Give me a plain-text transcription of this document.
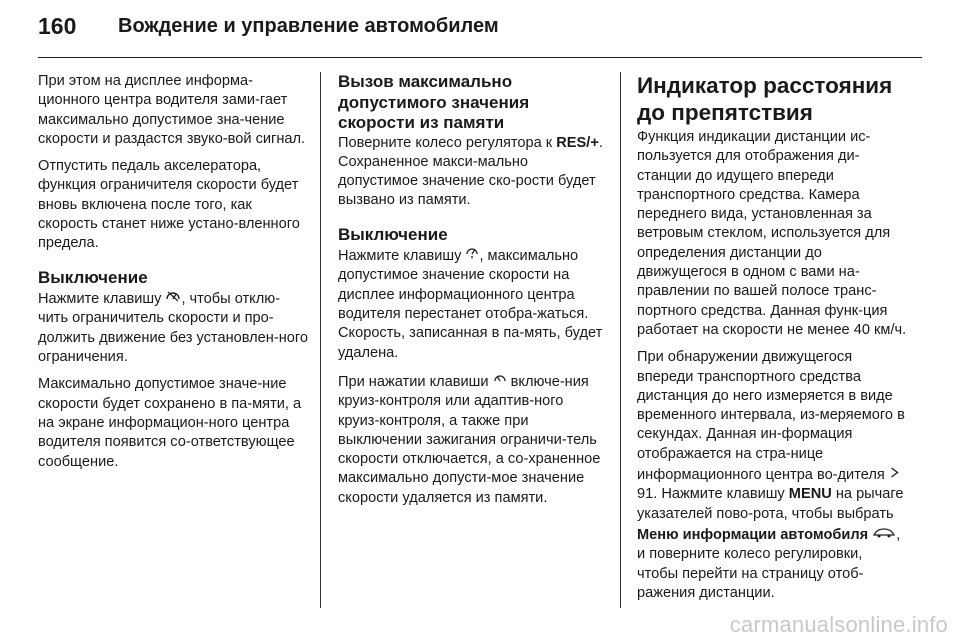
160	Вождение и управление автомобилем

При этом на дисплее информа-ционного центра водителя зами-гает максимально допустимое зна-чение скорости и раздастся звуко-вой сигнал.

Отпустить педаль акселератора, функция ограничителя скорости будет вновь включена после того, как скорость станет ниже устано-вленного предела.

Выключение

Нажмите клавишу , чтобы отклю-чить ограничитель скорости и про-должить движение без установлен-ного ограничения.

Максимально допустимое значе-ние скорости будет сохранено в па-мяти, а на экране информацион-ного центра водителя появится со-ответствующее сообщение.

Вызов максимально допустимого значения скорости из памяти

Поверните колесо регулятора к RES/+. Сохраненное макси-мально допустимое значение ско-рости будет вызвано из памяти.

Выключение

Нажмите клавишу , максимально допустимое значение скорости на дисплее информационного центра водителя перестанет отобра-жаться. Скорость, записанная в па-мять, будет удалена.

При нажатии клавиши  включе-ния круиз-контроля или адаптив-ного круиз-контроля, а также при выключении зажигания ограничи-тель скорости отключается, а со-храненное максимально допусти-мое значение скорости удаляется из памяти.

Индикатор расстояния до препятствия

Функция индикации дистанции ис-пользуется для отображения ди-станции до идущего впереди транспортного средства. Камера переднего вида, установленная за ветровым стеклом, используется для определения дистанции до движущегося в одном с вами на-правлении по вашей полосе транс-портного средства. Данная функ-ция работает на скорости не менее 40 км/ч.

При обнаружении движущегося впереди транспортного средства дистанция до него измеряется в виде временного интервала, из-меряемого в секундах. Данная ин-формация отображается на стра-нице информационного центра во-дителя  91. Нажмите клавишу MENU на рычаге указателей пово-рота, чтобы выбрать Меню информации автомобиля ,
и поверните колесо регулировки, чтобы перейти на страницу отоб-ражения дистанции.

carmanualsonline.info
